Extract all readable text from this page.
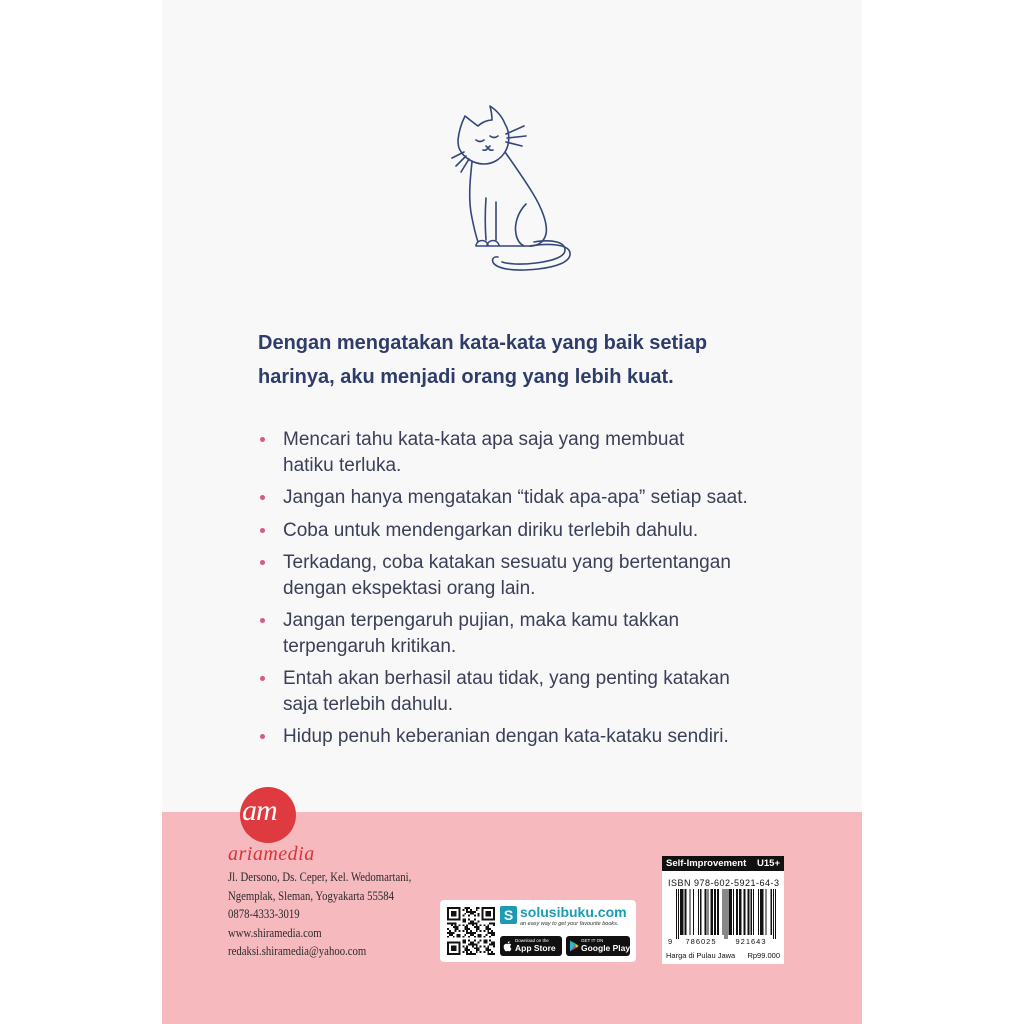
Dengan mengatakan kata-kata yang baik setiap
harinya, aku menjadi orang yang lebih kuat.
Mencari tahu kata-kata apa saja yang membuat
hatiku terluka.
Jangan hanya mengatakan “tidak apa-apa” setiap saat.
Coba untuk mendengarkan diriku terlebih dahulu.
Terkadang, coba katakan sesuatu yang bertentangan
dengan ekspektasi orang lain.
Jangan terpengaruh pujian, maka kamu takkan
terpengaruh kritikan.
Entah akan berhasil atau tidak, yang penting katakan
saja terlebih dahulu.
Hidup penuh keberanian dengan kata-kataku sendiri.
am
ariamedia
Jl. Dersono, Ds. Ceper, Kel. Wedomartani,
Ngemplak, Sleman, Yogyakarta 55584
0878-4333-3019
www.shiramedia.com
redaksi.shiramedia@yahoo.com
S solusibuku.com
an easy way to get your favourite books.
Download on the
App Store
GET IT ON
Google Play
Self-Improvement U15+
ISBN 978-602-5921-64-3
9 786025	921643
Harga di Pulau Jawa Rp99.000
